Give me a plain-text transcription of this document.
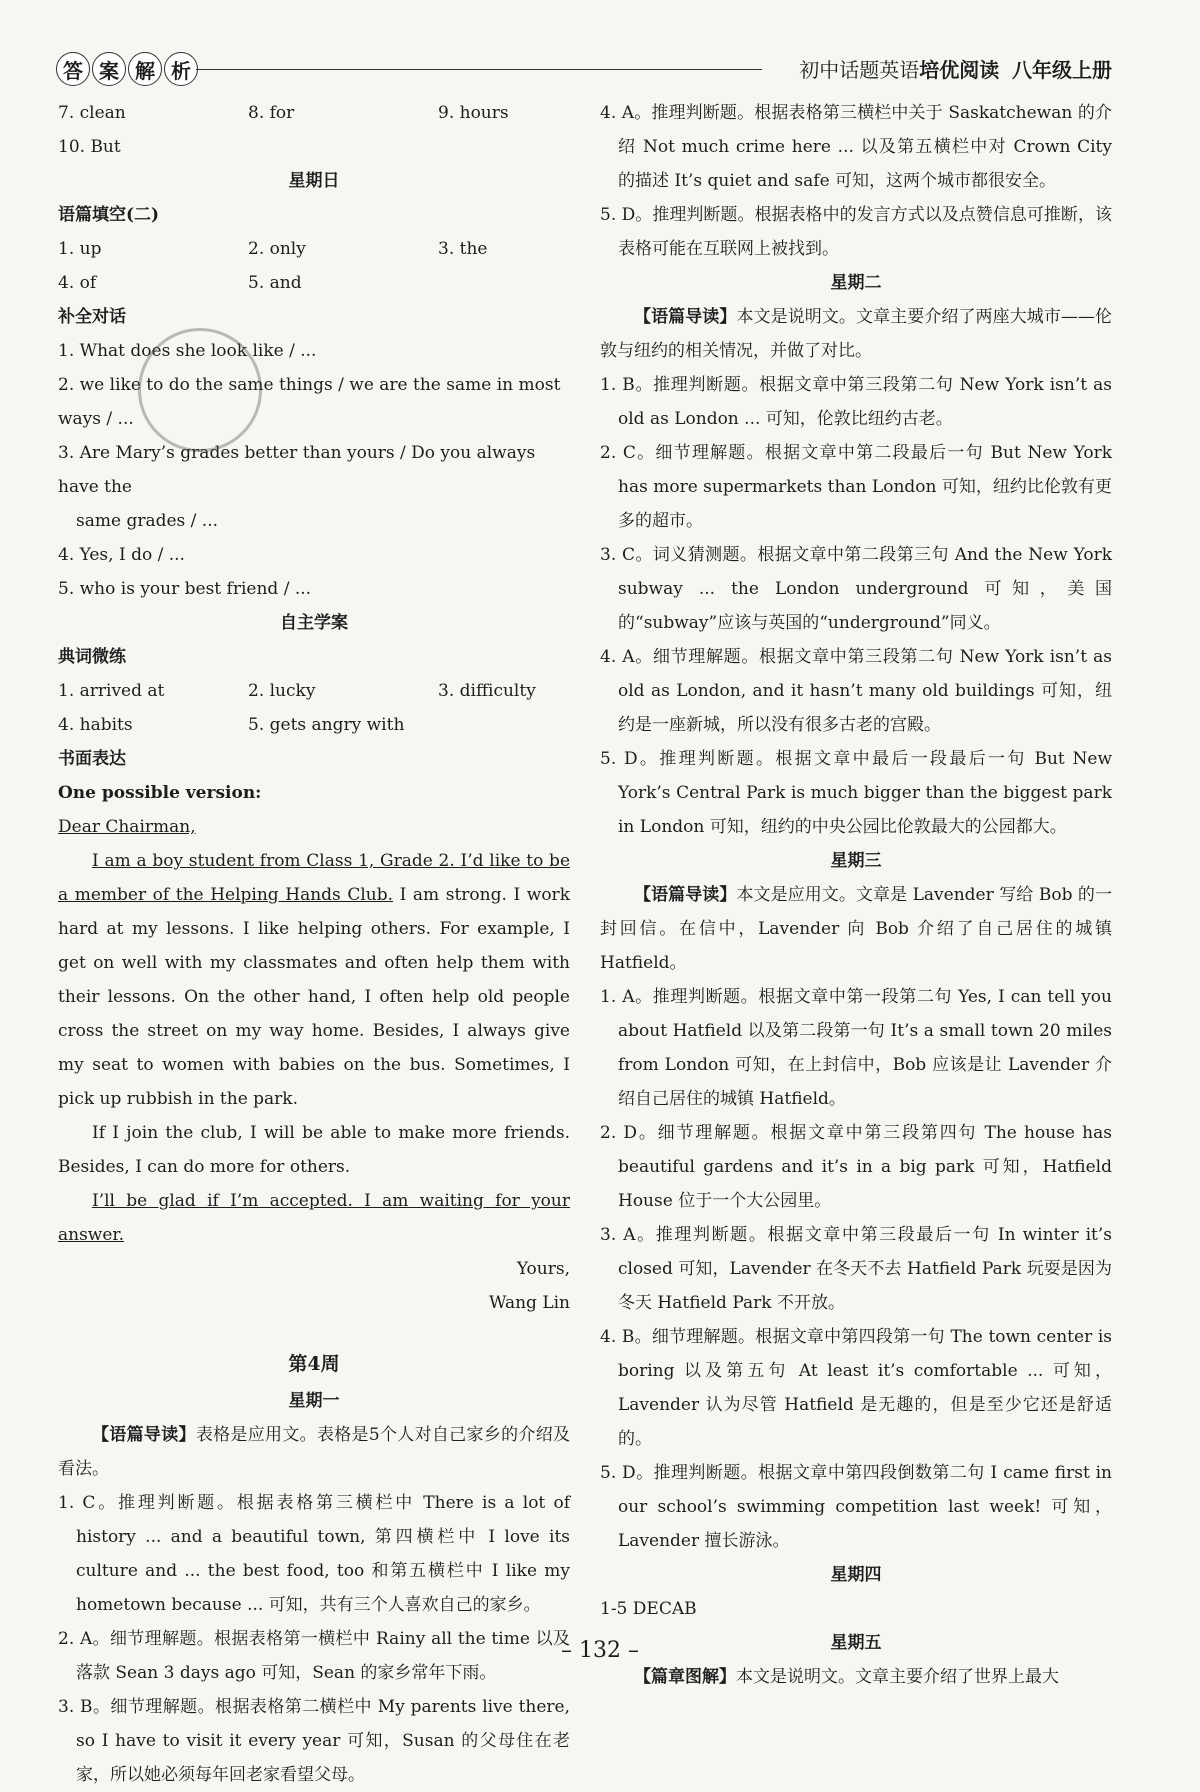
答 案 解 析	初中话题英语培优阅读 八年级上册
7. clean	8. for	9. hours
10. But
星期日
语篇填空(二)
1. up	2. only	3. the
4. of	5. and
补全对话
1. What does she look like / ...
2. we like to do the same things / we are the same in most ways / ...
3. Are Mary’s grades better than yours / Do you always have the
same grades / ...
4. Yes, I do / ...
5. who is your best friend / ...
自主学案
典词微练
1. arrived at	2. lucky	3. difficulty
4. habits	5. gets angry with
书面表达
One possible version:
Dear Chairman,

I am a boy student from Class 1, Grade 2. I’d like to be a member of the Helping Hands Club. I am strong. I work hard at my lessons. I like helping others. For example, I get on well with my classmates and often help them with their lessons. On the other hand, I often help old people cross the street on my way home. Besides, I always give my seat to women with babies on the bus. Sometimes, I pick up rubbish in the park.

If I join the club, I will be able to make more friends. Besides, I can do more for others.

I’ll be glad if I’m accepted. I am waiting for your answer.

Yours,
Wang Lin
第4周
星期一

【语篇导读】表格是应用文。表格是5个人对自己家乡的介绍及看法。

1. C。推理判断题。根据表格第三横栏中 There is a lot of history ... and a beautiful town, 第四横栏中 I love its culture and ... the best food, too 和第五横栏中 I like my hometown because ... 可知，共有三个人喜欢自己的家乡。

2. A。细节理解题。根据表格第一横栏中 Rainy all the time 以及落款 Sean 3 days ago 可知，Sean 的家乡常年下雨。

3. B。细节理解题。根据表格第二横栏中 My parents live there, so I have to visit it every year 可知，Susan 的父母住在老家，所以她必须每年回老家看望父母。

4. A。推理判断题。根据表格第三横栏中关于 Saskatchewan 的介绍 Not much crime here ... 以及第五横栏中对 Crown City 的描述 It’s quiet and safe 可知，这两个城市都很安全。

5. D。推理判断题。根据表格中的发言方式以及点赞信息可推断，该表格可能在互联网上被找到。

星期二

【语篇导读】本文是说明文。文章主要介绍了两座大城市——伦敦与纽约的相关情况，并做了对比。

1. B。推理判断题。根据文章中第三段第二句 New York isn’t as old as London ... 可知，伦敦比纽约古老。

2. C。细节理解题。根据文章中第二段最后一句 But New York has more supermarkets than London 可知，纽约比伦敦有更多的超市。

3. C。词义猜测题。根据文章中第二段第三句 And the New York subway ... the London underground 可知，美国的“subway”应该与英国的“underground”同义。

4. A。细节理解题。根据文章中第三段第二句 New York isn’t as old as London, and it hasn’t many old buildings 可知，纽约是一座新城，所以没有很多古老的宫殿。

5. D。推理判断题。根据文章中最后一段最后一句 But New York’s Central Park is much bigger than the biggest park in London 可知，纽约的中央公园比伦敦最大的公园都大。

星期三

【语篇导读】本文是应用文。文章是 Lavender 写给 Bob 的一封回信。在信中，Lavender 向 Bob 介绍了自己居住的城镇 Hatfield。

1. A。推理判断题。根据文章中第一段第二句 Yes, I can tell you about Hatfield 以及第二段第一句 It’s a small town 20 miles from London 可知，在上封信中，Bob 应该是让 Lavender 介绍自己居住的城镇 Hatfield。

2. D。细节理解题。根据文章中第三段第四句 The house has beautiful gardens and it’s in a big park 可知，Hatfield House 位于一个大公园里。

3. A。推理判断题。根据文章中第三段最后一句 In winter it’s closed 可知，Lavender 在冬天不去 Hatfield Park 玩耍是因为冬天 Hatfield Park 不开放。

4. B。细节理解题。根据文章中第四段第一句 The town center is boring 以及第五句 At least it’s comfortable ... 可知，Lavender 认为尽管 Hatfield 是无趣的，但是至少它还是舒适的。

5. D。推理判断题。根据文章中第四段倒数第二句 I came first in our school’s swimming competition last week! 可知，Lavender 擅长游泳。

星期四
1-5 DECAB
星期五

【篇章图解】本文是说明文。文章主要介绍了世界上最大

– 132 –
